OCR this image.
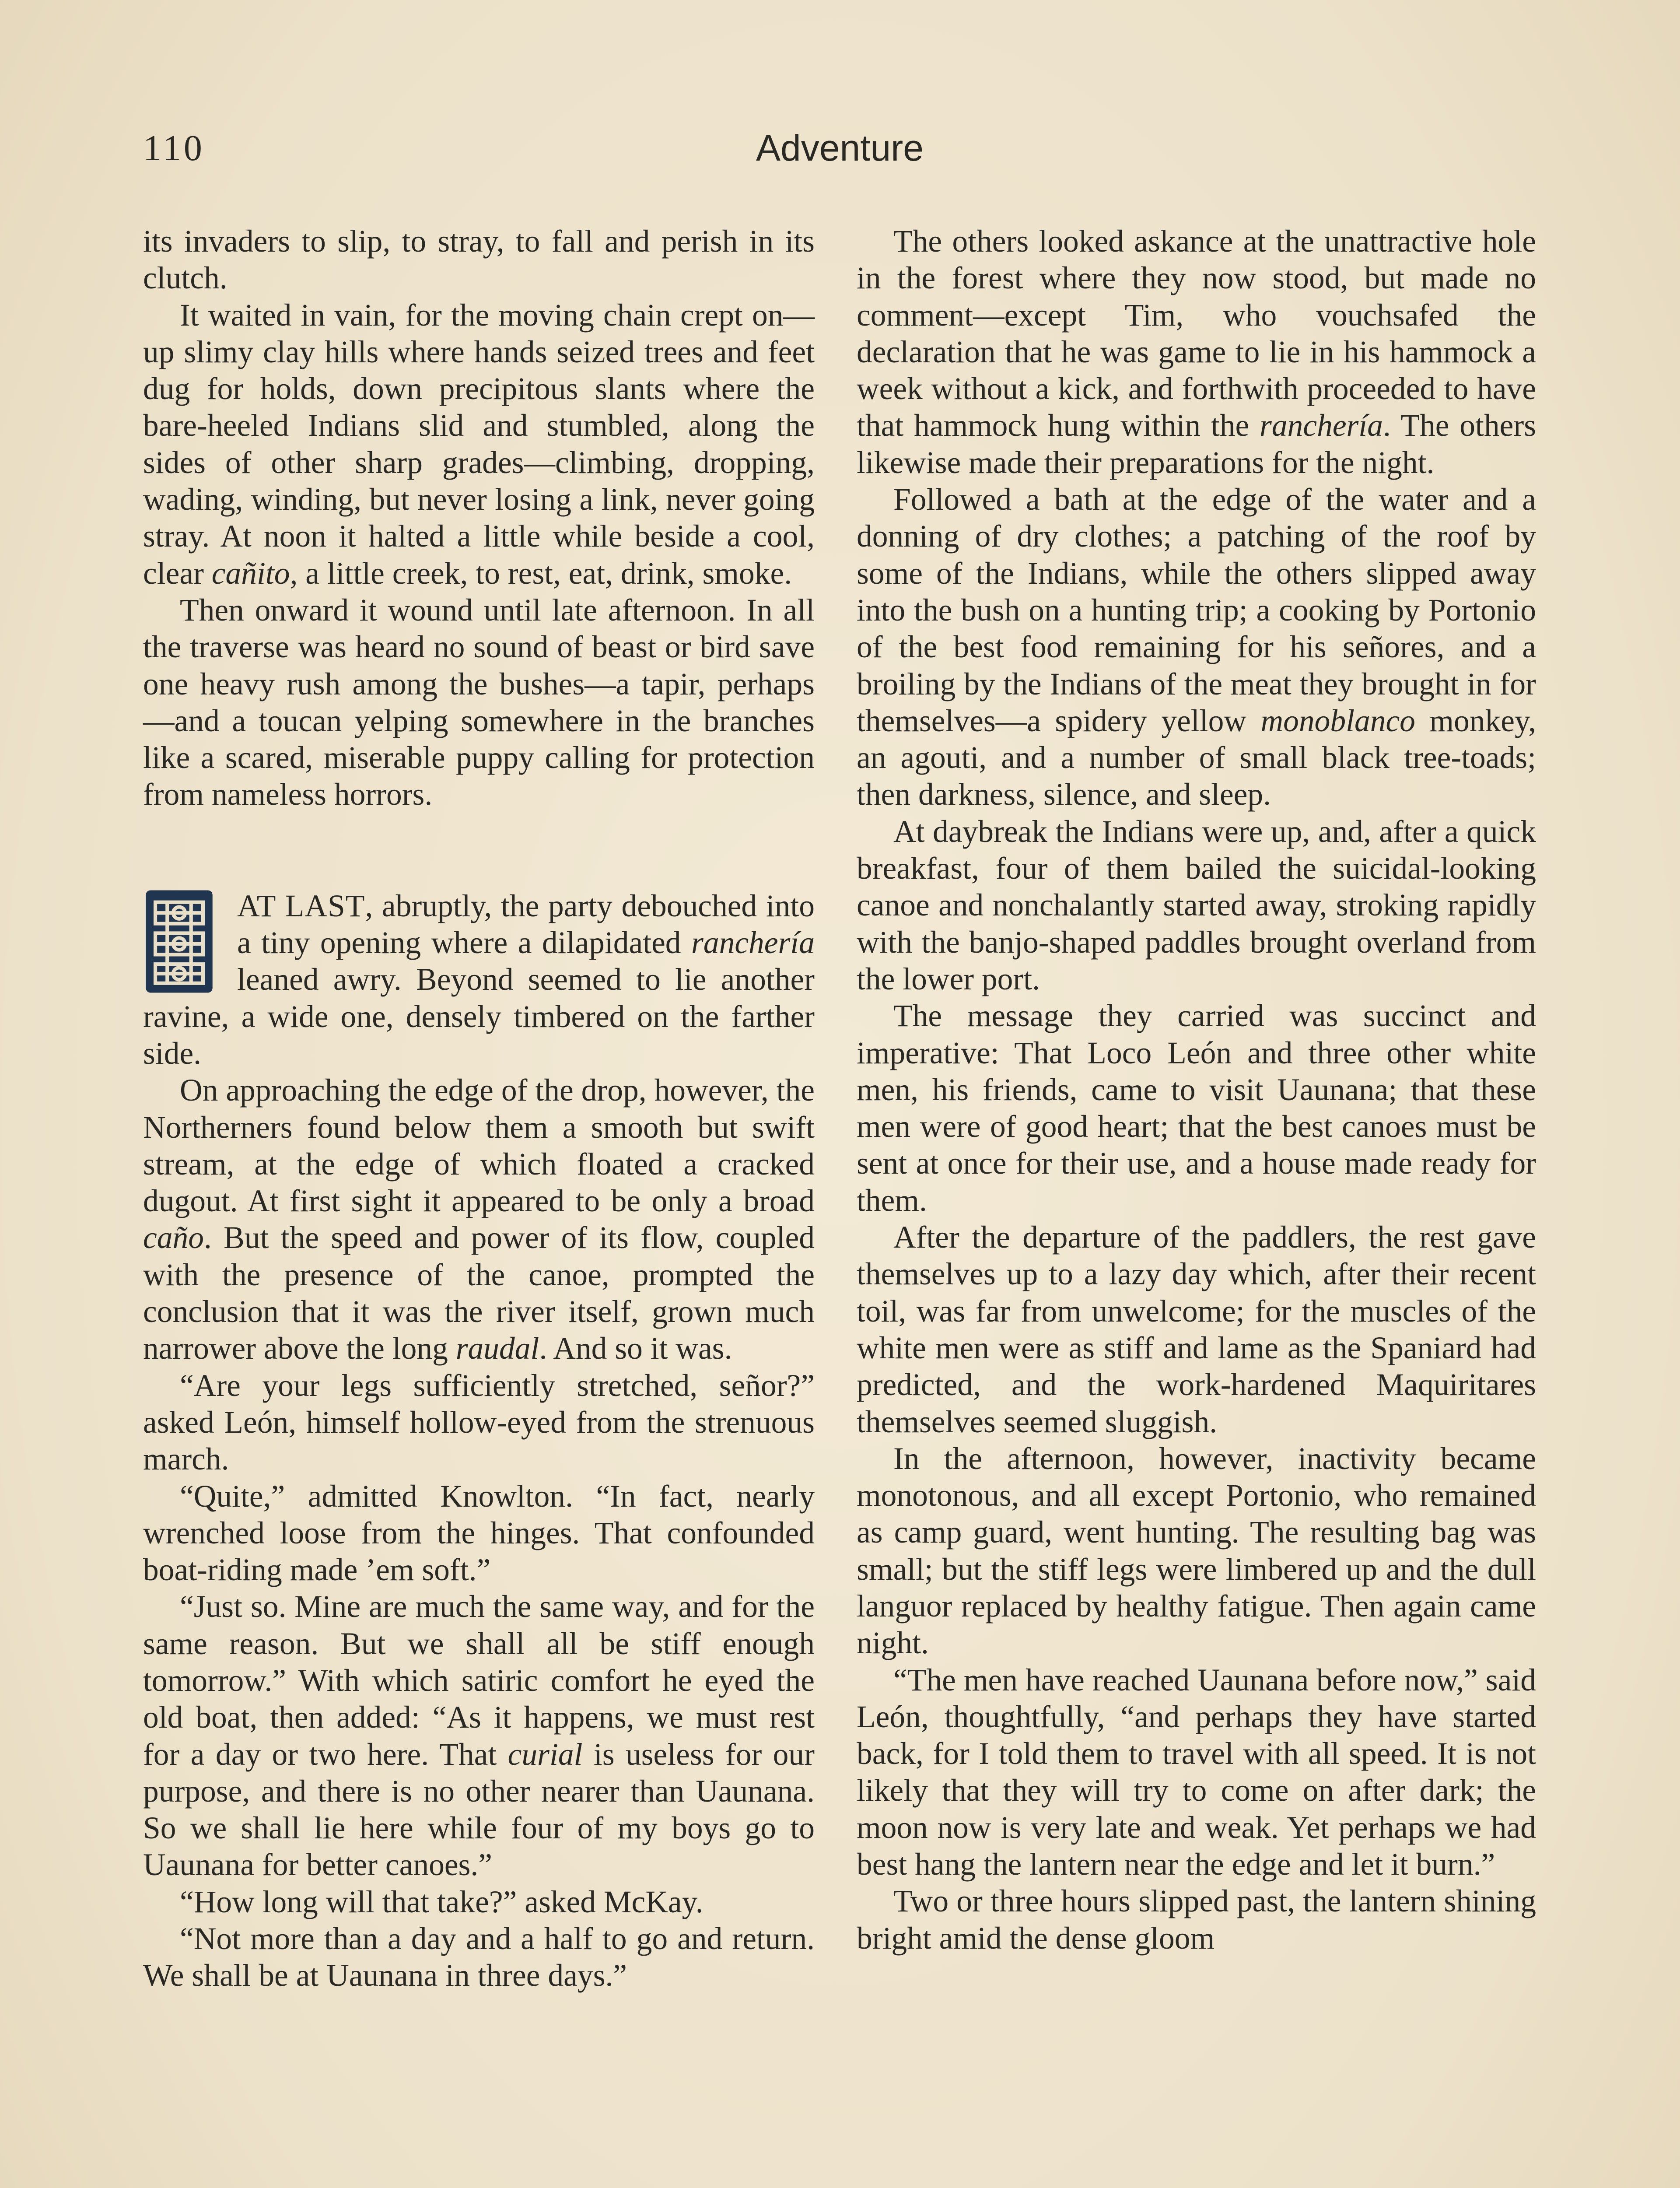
110	Adventure

its invaders to slip, to stray, to fall and perish in its clutch.

It waited in vain, for the moving chain crept on—up slimy clay hills where hands seized trees and feet dug for holds, down precipitous slants where the bare-heeled Indians slid and stumbled, along the sides of other sharp grades—climbing, dropping, wading, winding, but never losing a link, never going stray. At noon it halted a little while beside a cool, clear cañito, a little creek, to rest, eat, drink, smoke.

Then onward it wound until late afternoon. In all the traverse was heard no sound of beast or bird save one heavy rush among the bushes—a tapir, perhaps—and a toucan yelping somewhere in the branches like a scared, miserable puppy calling for protection from nameless horrors.

AT LAST, abruptly, the party debouched into a tiny opening where a dilapidated ranchería leaned awry. Beyond seemed to lie another ravine, a wide one, densely timbered on the farther side.

On approaching the edge of the drop, however, the Northerners found below them a smooth but swift stream, at the edge of which floated a cracked dugout. At first sight it appeared to be only a broad caño. But the speed and power of its flow, coupled with the presence of the canoe, prompted the conclusion that it was the river itself, grown much narrower above the long raudal. And so it was.

“Are your legs sufficiently stretched, señor?” asked León, himself hollow-eyed from the strenuous march.

“Quite,” admitted Knowlton. “In fact, nearly wrenched loose from the hinges. That confounded boat-riding made ’em soft.”

“Just so. Mine are much the same way, and for the same reason. But we shall all be stiff enough tomorrow.” With which satiric comfort he eyed the old boat, then added: “As it happens, we must rest for a day or two here. That curial is useless for our purpose, and there is no other nearer than Uaunana. So we shall lie here while four of my boys go to Uaunana for better canoes.”

“How long will that take?” asked McKay.

“Not more than a day and a half to go and return. We shall be at Uaunana in three days.”

The others looked askance at the unattractive hole in the forest where they now stood, but made no comment—except Tim, who vouchsafed the declaration that he was game to lie in his hammock a week without a kick, and forthwith proceeded to have that hammock hung within the ranchería. The others likewise made their preparations for the night.

Followed a bath at the edge of the water and a donning of dry clothes; a patching of the roof by some of the Indians, while the others slipped away into the bush on a hunting trip; a cooking by Portonio of the best food remaining for his señores, and a broiling by the Indians of the meat they brought in for themselves—a spidery yellow monoblanco monkey, an agouti, and a number of small black tree-toads; then darkness, silence, and sleep.

At daybreak the Indians were up, and, after a quick breakfast, four of them bailed the suicidal-looking canoe and nonchalantly started away, stroking rapidly with the banjo-shaped paddles brought overland from the lower port.

The message they carried was succinct and imperative: That Loco León and three other white men, his friends, came to visit Uaunana; that these men were of good heart; that the best canoes must be sent at once for their use, and a house made ready for them.

After the departure of the paddlers, the rest gave themselves up to a lazy day which, after their recent toil, was far from unwelcome; for the muscles of the white men were as stiff and lame as the Spaniard had predicted, and the work-hardened Maquiritares themselves seemed sluggish.

In the afternoon, however, inactivity became monotonous, and all except Portonio, who remained as camp guard, went hunting. The resulting bag was small; but the stiff legs were limbered up and the dull languor replaced by healthy fatigue. Then again came night.

“The men have reached Uaunana before now,” said León, thoughtfully, “and perhaps they have started back, for I told them to travel with all speed. It is not likely that they will try to come on after dark; the moon now is very late and weak. Yet perhaps we had best hang the lantern near the edge and let it burn.”

Two or three hours slipped past, the lantern shining bright amid the dense gloom
